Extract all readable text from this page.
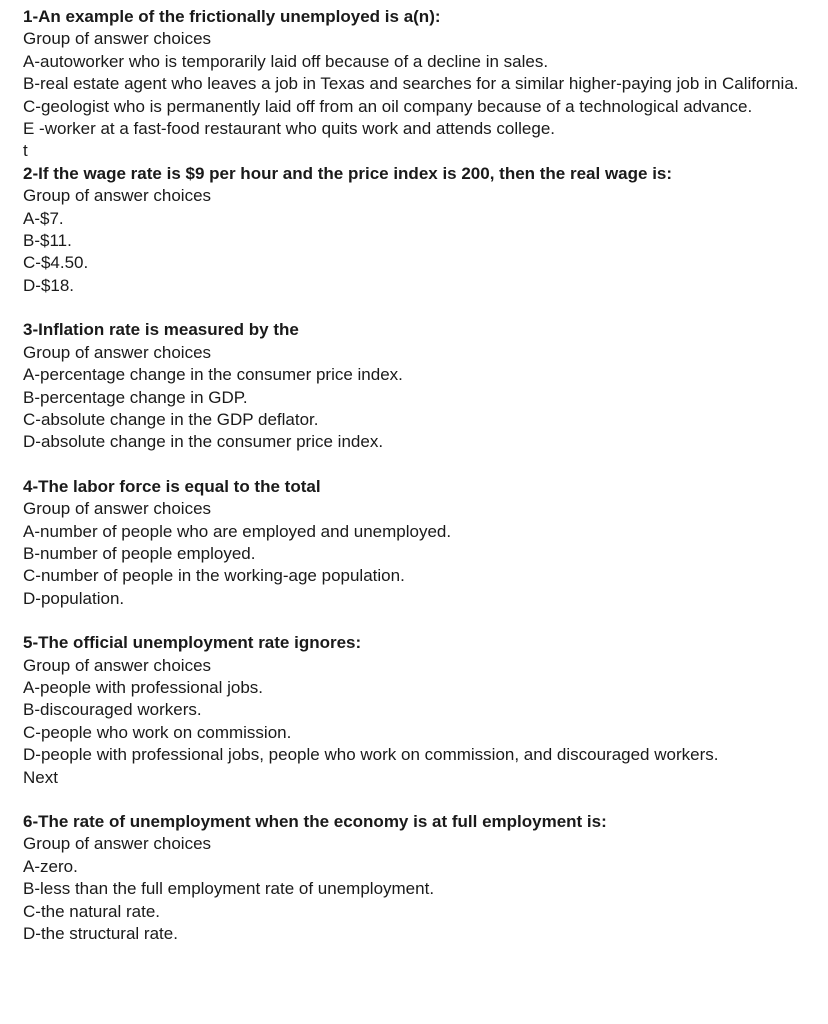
1-An example of the frictionally unemployed is a(n):
Group of answer choices
A-autoworker who is temporarily laid off because of a decline in sales.
B-real estate agent who leaves a job in Texas and searches for a similar higher-paying job in California.
C-geologist who is permanently laid off from an oil company because of a technological advance.
E -worker at a fast-food restaurant who quits work and attends college.
t
2-If the wage rate is $9 per hour and the price index is 200, then the real wage is:
Group of answer choices
A-$7.
B-$11.
C-$4.50.
D-$18.
3-Inflation rate is measured by the
Group of answer choices
A-percentage change in the consumer price index.
B-percentage change in GDP.
C-absolute change in the GDP deflator.
D-absolute change in the consumer price index.
4-The labor force is equal to the total
Group of answer choices
A-number of people who are employed and unemployed.
B-number of people employed.
C-number of people in the working-age population.
D-population.
5-The official unemployment rate ignores:
Group of answer choices
A-people with professional jobs.
B-discouraged workers.
C-people who work on commission.
D-people with professional jobs, people who work on commission, and discouraged workers.
Next
6-The rate of unemployment when the economy is at full employment is:
Group of answer choices
A-zero.
B-less than the full employment rate of unemployment.
C-the natural rate.
D-the structural rate.
